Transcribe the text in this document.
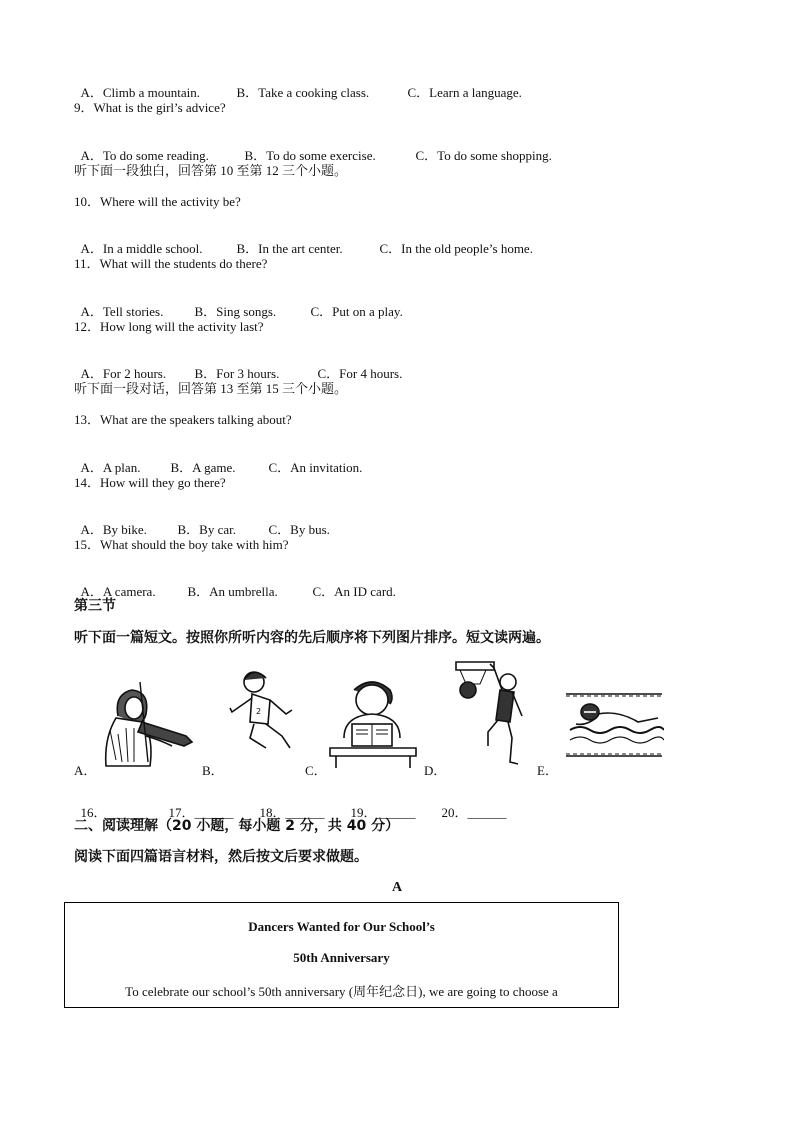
A．Climb a mountain.	B．Take a cooking class.	C．Learn a language.

9．What is the girl’s advice?

A．To do some reading.	B．To do some exercise.	C．To do some shopping.

听下面一段独白，回答第 10 至第 12 三个小题。
10．Where will the activity be?

A．In a middle school.	B．In the art center.	C．In the old people’s home.

11．What will the students do there?

A．Tell stories. B．Sing songs.	C．Put on a play.

12．How long will the activity last?

A．For 2 hours. B．For 3 hours.	C．For 4 hours.

听下面一段对话，回答第 13 至第 15 三个小题。
13．What are the speakers talking about?

A．A plan. B．A game.	C．An invitation.

14．How will they go there?

A．By bike. B．By car.	C．By bus.

15．What should the boy take with him?

A．A camera. B．An umbrella.	C．An ID card.

第三节
听下面一篇短文。按照你所听内容的先后顺序将下列图片排序。短文读两遍。
2
A．	B．	C．	D．	E．

16．______ 17．______ 18．______ 19．______ 20．______

二、阅读理解（20 小题，每小题 2 分，共 40 分）
阅读下面四篇语言材料，然后按文后要求做题。
A
Dancers Wanted for Our School’s
50th Anniversary
To celebrate our school’s 50th anniversary (周年纪念日), we are going to choose a
